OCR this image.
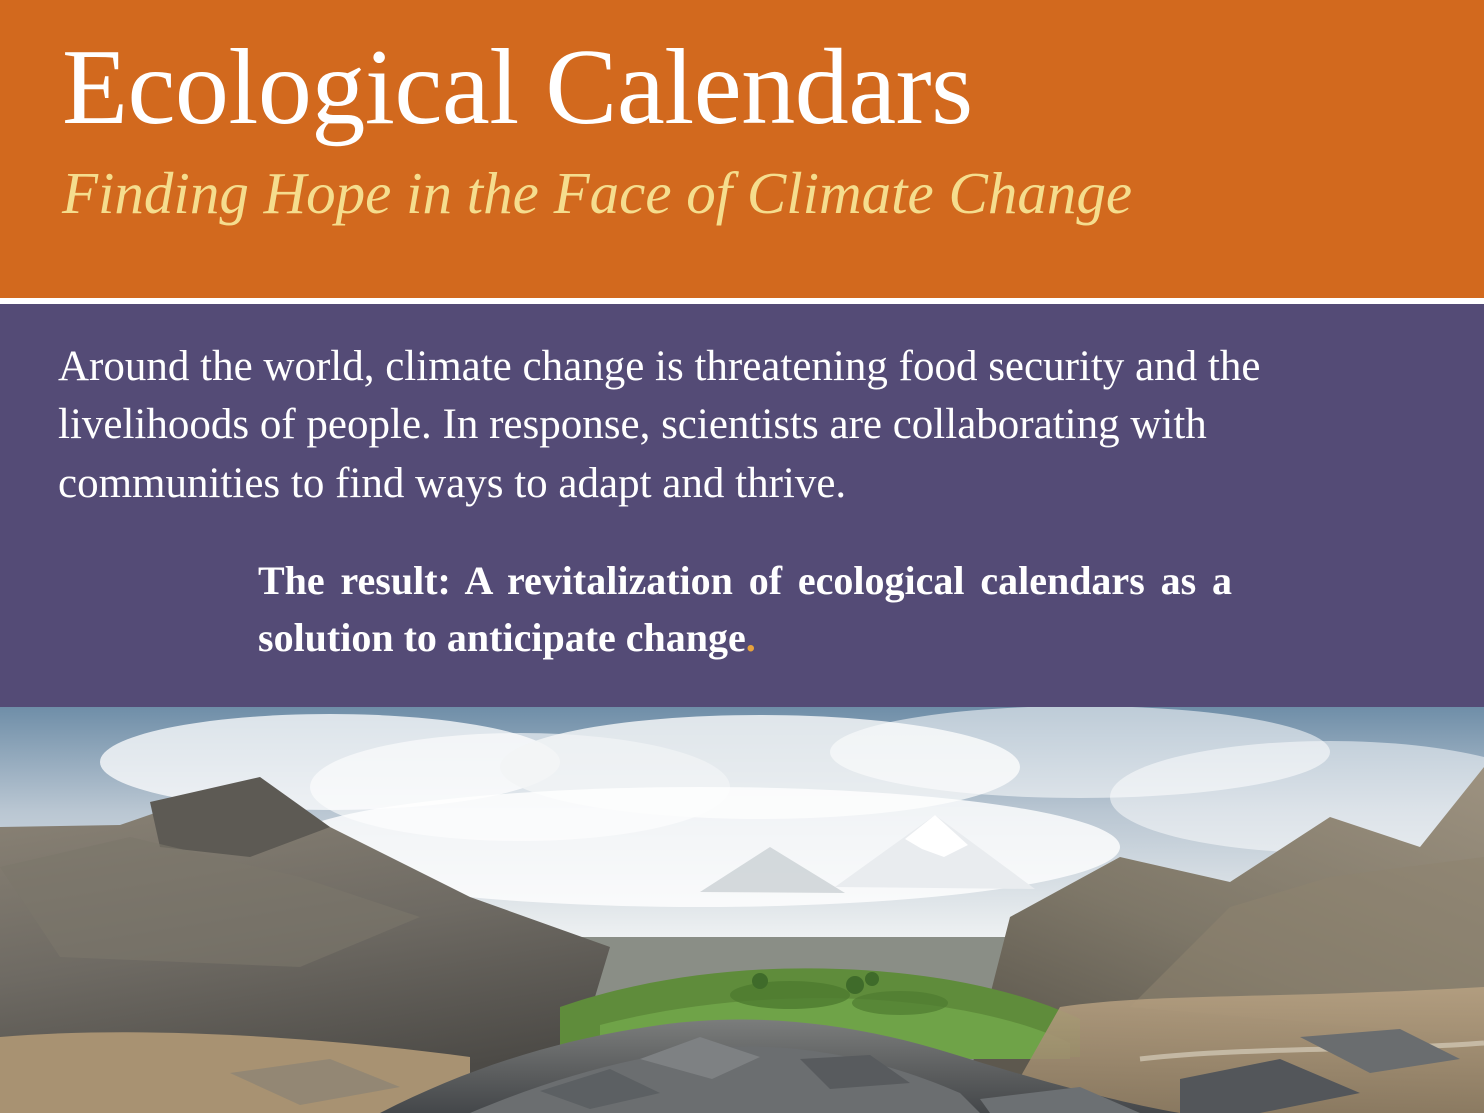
Ecological Calendars

Finding Hope in the Face of Climate Change

Around the world, climate change is threatening food security and the livelihoods of people. In response, scientists are collaborating with communities to find ways to adapt and thrive.

The result: A revitalization of ecological calendars as a solution to anticipate change.
